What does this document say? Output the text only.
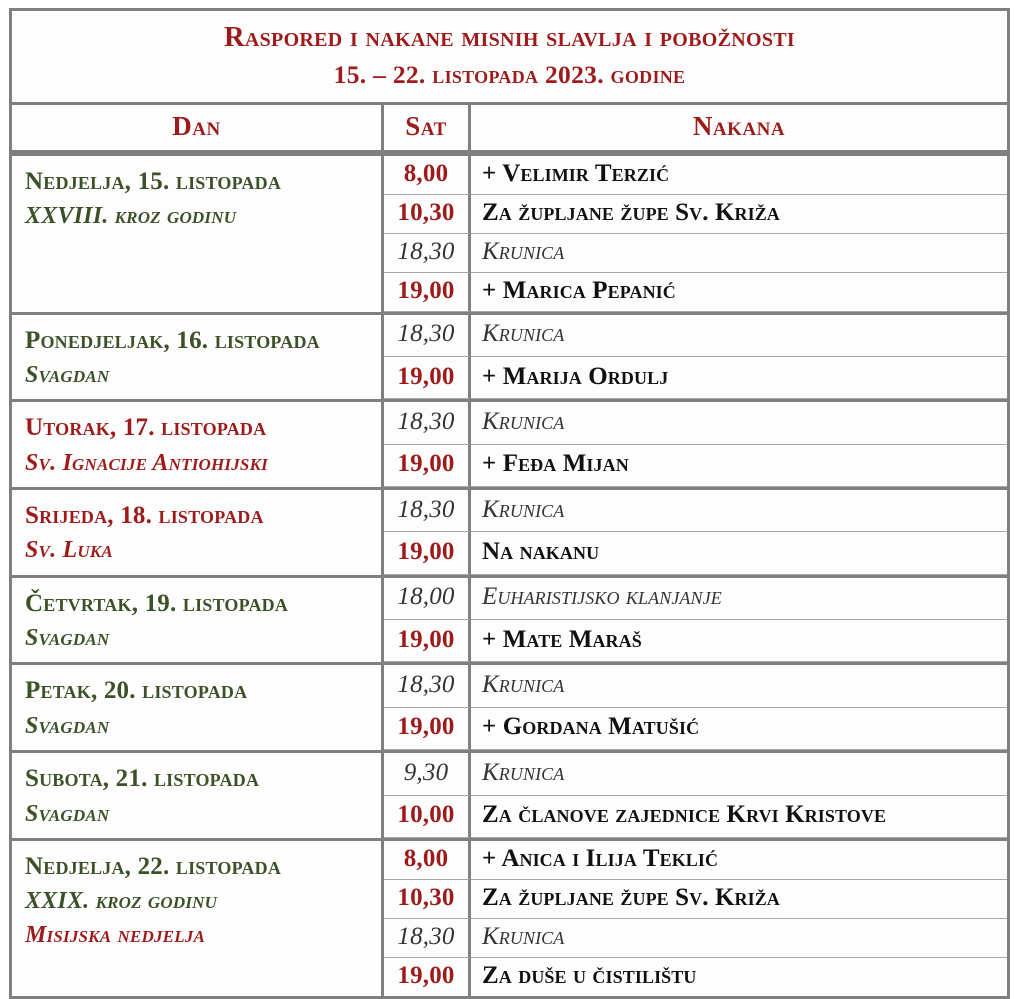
Raspored i nakane misnih slavlja i pobožnosti
15. – 22. listopada 2023. godine		

Dan	Sat	Nakana

Nedjelja, 15. listopada
XXVIII. kroz godinu	8,00	+ Velimir Terzić
	10,30	Za župljane župe Sv. Križa
	18,30	Krunica
	19,00	+ Marica Pepanić

Ponedjeljak, 16. listopada
Svagdan	18,30	Krunica
	19,00	+ Marija Ordulj

Utorak, 17. listopada
Sv. Ignacije Antiohijski	18,30	Krunica
	19,00	+ Feđa Mijan

Srijeda, 18. listopada
Sv. Luka	18,30	Krunica
	19,00	Na nakanu

Četvrtak, 19. listopada
Svagdan	18,00	Euharistijsko klanjanje
	19,00	+ Mate Maraš

Petak, 20. listopada
Svagdan	18,30	Krunica
	19,00	+ Gordana Matušić

Subota, 21. listopada
Svagdan	9,30	Krunica
	10,00	Za članove zajednice Krvi Kristove

Nedjelja, 22. listopada
XXIX. kroz godinu
Misijska nedjelja	8,00	+ Anica i Ilija Teklić
	10,30	Za župljane župe Sv. Križa
	18,30	Krunica
	19,00	Za duše u čistilištu
